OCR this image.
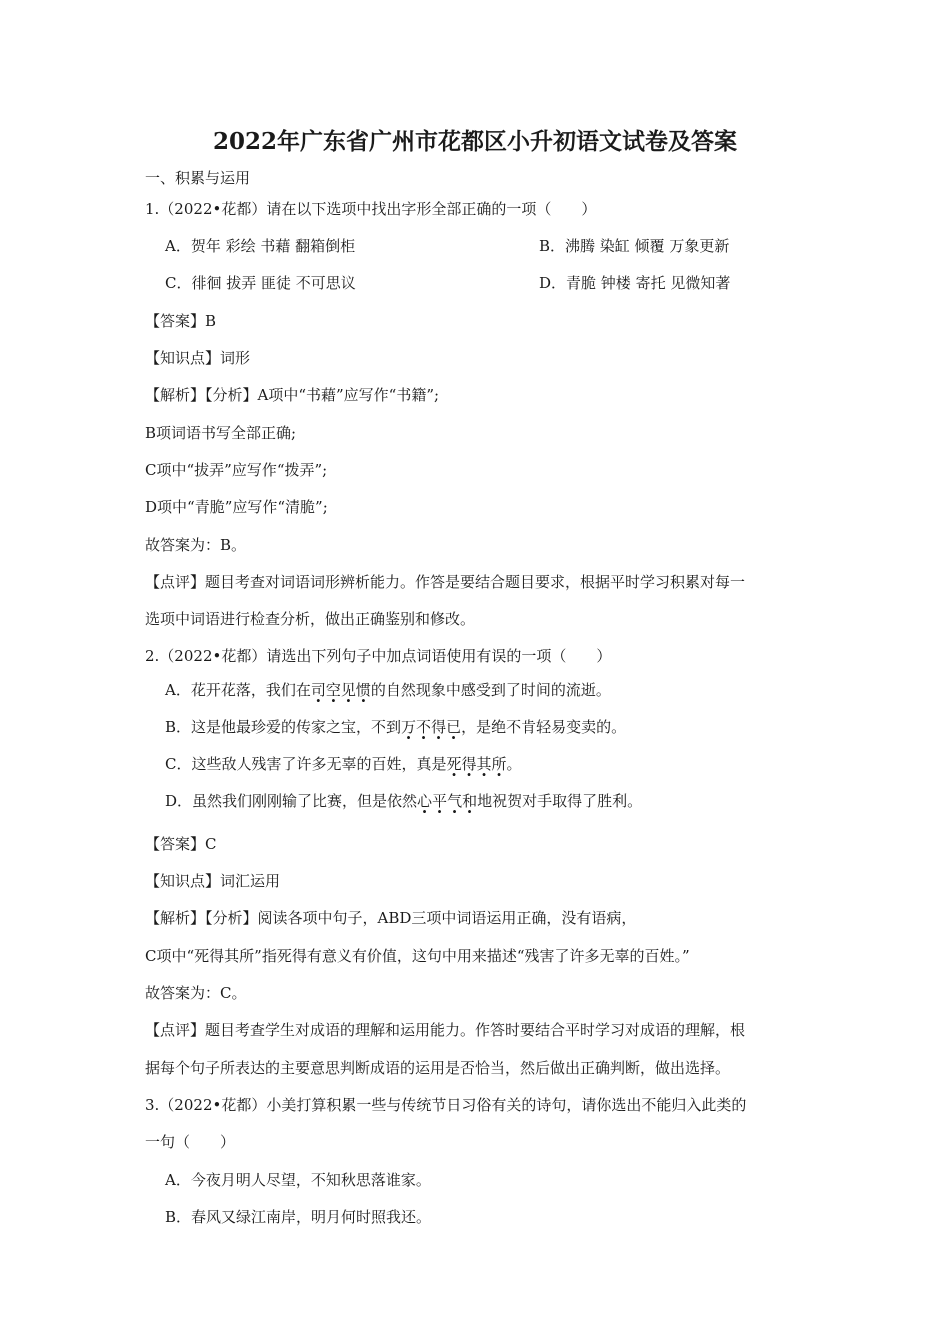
2022年广东省广州市花都区小升初语文试卷及答案
一、积累与运用
1.（2022•花都）请在以下选项中找出字形全部正确的一项（　　）
A．贺年 彩绘 书藉 翻箱倒柜	B．沸腾 染缸 倾覆 万象更新
C．徘徊 拔弄 匪徒 不可思议	D．青脆 钟楼 寄托 见微知著
【答案】B
【知识点】词形
【解析】【分析】A项中“书藉”应写作“书籍”;
B项词语书写全部正确;
C项中“拔弄”应写作“拨弄”;
D项中“青脆”应写作“清脆”;
故答案为：B。
【点评】题目考查对词语词形辨析能力。作答是要结合题目要求，根据平时学习积累对每一
选项中词语进行检查分析，做出正确鉴别和修改。
2.（2022•花都）请选出下列句子中加点词语使用有误的一项（　　）
A．花开花落，我们在司空见惯的自然现象中感受到了时间的流逝。
B．这是他最珍爱的传家之宝，不到万不得已，是绝不肯轻易变卖的。
C．这些敌人残害了许多无辜的百姓，真是死得其所。
D．虽然我们刚刚输了比赛，但是依然心平气和地祝贺对手取得了胜利。
【答案】C
【知识点】词汇运用
【解析】【分析】阅读各项中句子，ABD三项中词语运用正确，没有语病，
C项中“死得其所”指死得有意义有价值，这句中用来描述“残害了许多无辜的百姓。”
故答案为：C。
【点评】题目考查学生对成语的理解和运用能力。作答时要结合平时学习对成语的理解，根
据每个句子所表达的主要意思判断成语的运用是否恰当，然后做出正确判断，做出选择。
3.（2022•花都）小美打算积累一些与传统节日习俗有关的诗句，请你选出不能归入此类的
一句（　　）
A．今夜月明人尽望，不知秋思落谁家。
B．春风又绿江南岸，明月何时照我还。
